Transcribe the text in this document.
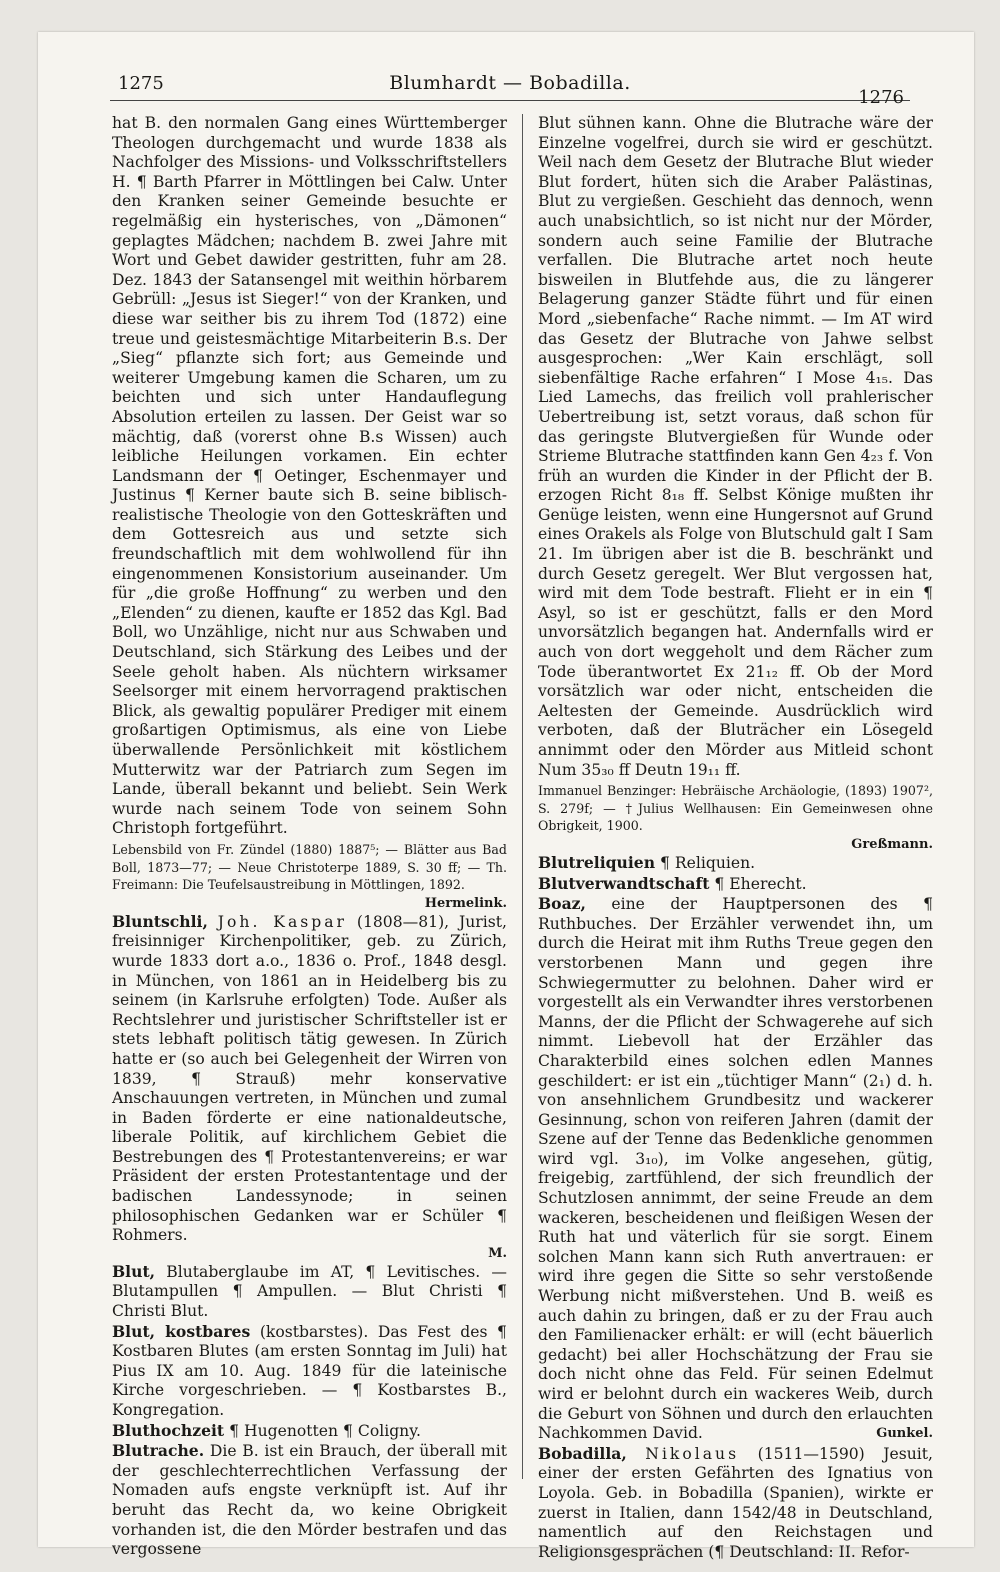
1275	Blumhardt — Bobadilla.
1276

hat B. den normalen Gang eines Württemberger Theologen durchgemacht und wurde 1838 als Nachfolger des Missions- und Volksschriftstellers H. ¶ Barth Pfarrer in Möttlingen bei Calw. Unter den Kranken seiner Gemeinde besuchte er regelmäßig ein hysterisches, von „Dämonen“ geplagtes Mädchen; nachdem B. zwei Jahre mit Wort und Gebet dawider gestritten, fuhr am 28. Dez. 1843 der Satansengel mit weithin hörbarem Gebrüll: „Jesus ist Sieger!“ von der Kranken, und diese war seither bis zu ihrem Tod (1872) eine treue und geistesmächtige Mitarbeiterin B.s. Der „Sieg“ pflanzte sich fort; aus Gemeinde und weiterer Umgebung kamen die Scharen, um zu beichten und sich unter Handauflegung Absolution erteilen zu lassen. Der Geist war so mächtig, daß (vorerst ohne B.s Wissen) auch leibliche Heilungen vorkamen. Ein echter Landsmann der ¶ Oetinger, Eschenmayer und Justinus ¶ Kerner baute sich B. seine biblisch-realistische Theologie von den Gotteskräften und dem Gottesreich aus und setzte sich freundschaftlich mit dem wohlwollend für ihn eingenommenen Konsistorium auseinander. Um für „die große Hoffnung“ zu werben und den „Elenden“ zu dienen, kaufte er 1852 das Kgl. Bad Boll, wo Unzählige, nicht nur aus Schwaben und Deutschland, sich Stärkung des Leibes und der Seele geholt haben. Als nüchtern wirksamer Seelsorger mit einem hervorragend praktischen Blick, als gewaltig populärer Prediger mit einem großartigen Optimismus, als eine von Liebe überwallende Persönlichkeit mit köstlichem Mutterwitz war der Patriarch zum Segen im Lande, überall bekannt und beliebt. Sein Werk wurde nach seinem Tode von seinem Sohn Christoph fortgeführt.

Lebensbild von Fr. Zündel (1880) 1887⁵; — Blätter aus Bad Boll, 1873—77; — Neue Christoterpe 1889, S. 30 ff; — Th. Freimann: Die Teufelsaustreibung in Möttlingen, 1892.

Hermelink.

Bluntschli, Joh. Kaspar (1808—81), Jurist, freisinniger Kirchenpolitiker, geb. zu Zürich, wurde 1833 dort a.o., 1836 o. Prof., 1848 desgl. in München, von 1861 an in Heidelberg bis zu seinem (in Karlsruhe erfolgten) Tode. Außer als Rechtslehrer und juristischer Schriftsteller ist er stets lebhaft politisch tätig gewesen. In Zürich hatte er (so auch bei Gelegenheit der Wirren von 1839, ¶ Strauß) mehr konservative Anschauungen vertreten, in München und zumal in Baden förderte er eine nationaldeutsche, liberale Politik, auf kirchlichem Gebiet die Bestrebungen des ¶ Protestantenvereins; er war Präsident der ersten Protestantentage und der badischen Landessynode; in seinen philosophischen Gedanken war er Schüler ¶ Rohmers.

M.

Blut, Blutaberglaube im AT, ¶ Levitisches. — Blutampullen ¶ Ampullen. — Blut Christi ¶ Christi Blut.

Blut, kostbares (kostbarstes). Das Fest des ¶ Kostbaren Blutes (am ersten Sonntag im Juli) hat Pius IX am 10. Aug. 1849 für die lateinische Kirche vorgeschrieben. — ¶ Kostbarstes B., Kongregation.

Bluthochzeit ¶ Hugenotten ¶ Coligny.

Blutrache. Die B. ist ein Brauch, der überall mit der geschlechterrechtlichen Verfassung der Nomaden aufs engste verknüpft ist. Auf ihr beruht das Recht da, wo keine Obrigkeit vorhanden ist, die den Mörder bestrafen und das vergossene

Blut sühnen kann. Ohne die Blutrache wäre der Einzelne vogelfrei, durch sie wird er geschützt. Weil nach dem Gesetz der Blutrache Blut wieder Blut fordert, hüten sich die Araber Palästinas, Blut zu vergießen. Geschieht das dennoch, wenn auch unabsichtlich, so ist nicht nur der Mörder, sondern auch seine Familie der Blutrache verfallen. Die Blutrache artet noch heute bisweilen in Blutfehde aus, die zu längerer Belagerung ganzer Städte führt und für einen Mord „siebenfache“ Rache nimmt. — Im AT wird das Gesetz der Blutrache von Jahwe selbst ausgesprochen: „Wer Kain erschlägt, soll siebenfältige Rache erfahren“ I Mose 4₁₅. Das Lied Lamechs, das freilich voll prahlerischer Uebertreibung ist, setzt voraus, daß schon für das geringste Blutvergießen für Wunde oder Strieme Blutrache stattfinden kann Gen 4₂₃ f. Von früh an wurden die Kinder in der Pflicht der B. erzogen Richt 8₁₈ ff. Selbst Könige mußten ihr Genüge leisten, wenn eine Hungersnot auf Grund eines Orakels als Folge von Blutschuld galt I Sam 21. Im übrigen aber ist die B. beschränkt und durch Gesetz geregelt. Wer Blut vergossen hat, wird mit dem Tode bestraft. Flieht er in ein ¶ Asyl, so ist er geschützt, falls er den Mord unvorsätzlich begangen hat. Andernfalls wird er auch von dort weggeholt und dem Rächer zum Tode überantwortet Ex 21₁₂ ff. Ob der Mord vorsätzlich war oder nicht, entscheiden die Aeltesten der Gemeinde. Ausdrücklich wird verboten, daß der Bluträcher ein Lösegeld annimmt oder den Mörder aus Mitleid schont Num 35₃₀ ff Deutn 19₁₁ ff.

Immanuel Benzinger: Hebräische Archäologie, (1893) 1907², S. 279f; — †Julius Wellhausen: Ein Gemeinwesen ohne Obrigkeit, 1900.

Greßmann.

Blutreliquien ¶ Reliquien.

Blutverwandtschaft ¶ Eherecht.

Boaz, eine der Hauptpersonen des ¶ Ruthbuches. Der Erzähler verwendet ihn, um durch die Heirat mit ihm Ruths Treue gegen den verstorbenen Mann und gegen ihre Schwiegermutter zu belohnen. Daher wird er vorgestellt als ein Verwandter ihres verstorbenen Manns, der die Pflicht der Schwagerehe auf sich nimmt. Liebevoll hat der Erzähler das Charakterbild eines solchen edlen Mannes geschildert: er ist ein „tüchtiger Mann“ (2₁) d. h. von ansehnlichem Grundbesitz und wackerer Gesinnung, schon von reiferen Jahren (damit der Szene auf der Tenne das Bedenkliche genommen wird vgl. 3₁₀), im Volke angesehen, gütig, freigebig, zartfühlend, der sich freundlich der Schutzlosen annimmt, der seine Freude an dem wackeren, bescheidenen und fleißigen Wesen der Ruth hat und väterlich für sie sorgt. Einem solchen Mann kann sich Ruth anvertrauen: er wird ihre gegen die Sitte so sehr verstoßende Werbung nicht mißverstehen. Und B. weiß es auch dahin zu bringen, daß er zu der Frau auch den Familienacker erhält: er will (echt bäuerlich gedacht) bei aller Hochschätzung der Frau sie doch nicht ohne das Feld. Für seinen Edelmut wird er belohnt durch ein wackeres Weib, durch die Geburt von Söhnen und durch den erlauchten Nachkommen David.	Gunkel.

Bobadilla, Nikolaus (1511—1590) Jesuit, einer der ersten Gefährten des Ignatius von Loyola. Geb. in Bobadilla (Spanien), wirkte er zuerst in Italien, dann 1542/48 in Deutschland, namentlich auf den Reichstagen und Religionsgesprächen (¶ Deutschland: II. Refor-
